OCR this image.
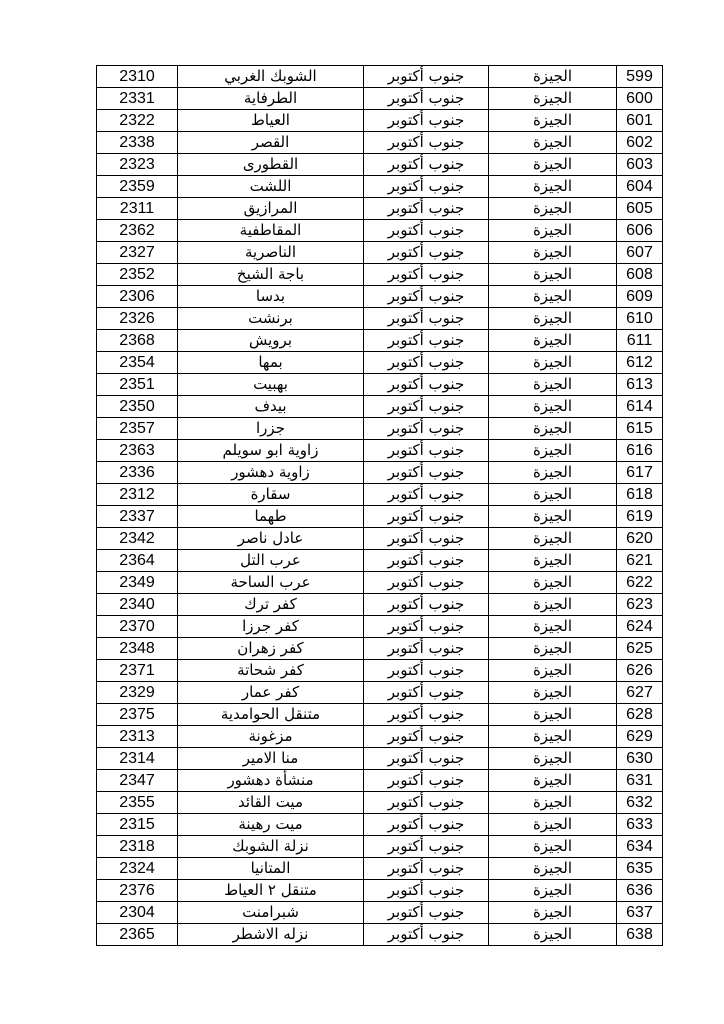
599	الجيزة	جنوب أكتوبر	الشوبك الغربي	2310
600	الجيزة	جنوب أكتوبر	الطرفاية	2331
601	الجيزة	جنوب أكتوبر	العياط	2322
602	الجيزة	جنوب أكتوبر	القصر	2338
603	الجيزة	جنوب أكتوبر	القطورى	2323
604	الجيزة	جنوب أكتوبر	اللشت	2359
605	الجيزة	جنوب أكتوبر	المرازيق	2311
606	الجيزة	جنوب أكتوبر	المقاطفية	2362
607	الجيزة	جنوب أكتوبر	الناصرية	2327
608	الجيزة	جنوب أكتوبر	باجة الشيخ	2352
609	الجيزة	جنوب أكتوبر	بدسا	2306
610	الجيزة	جنوب أكتوبر	برنشت	2326
611	الجيزة	جنوب أكتوبر	برويش	2368
612	الجيزة	جنوب أكتوبر	بمها	2354
613	الجيزة	جنوب أكتوبر	بهبيت	2351
614	الجيزة	جنوب أكتوبر	بيدف	2350
615	الجيزة	جنوب أكتوبر	جزرا	2357
616	الجيزة	جنوب أكتوبر	زاوية ابو سويلم	2363
617	الجيزة	جنوب أكتوبر	زاوية دهشور	2336
618	الجيزة	جنوب أكتوبر	سقارة	2312
619	الجيزة	جنوب أكتوبر	طهما	2337
620	الجيزة	جنوب أكتوبر	عادل ناصر	2342
621	الجيزة	جنوب أكتوبر	عرب التل	2364
622	الجيزة	جنوب أكتوبر	عرب الساحة	2349
623	الجيزة	جنوب أكتوبر	كفر ترك	2340
624	الجيزة	جنوب أكتوبر	كفر جرزا	2370
625	الجيزة	جنوب أكتوبر	كفر زهران	2348
626	الجيزة	جنوب أكتوبر	كفر شحاتة	2371
627	الجيزة	جنوب أكتوبر	كفر عمار	2329
628	الجيزة	جنوب أكتوبر	متنقل الحوامدية	2375
629	الجيزة	جنوب أكتوبر	مزغونة	2313
630	الجيزة	جنوب أكتوبر	منا الامير	2314
631	الجيزة	جنوب أكتوبر	منشأة دهشور	2347
632	الجيزة	جنوب أكتوبر	ميت القائد	2355
633	الجيزة	جنوب أكتوبر	ميت رهينة	2315
634	الجيزة	جنوب أكتوبر	نزلة الشوبك	2318
635	الجيزة	جنوب أكتوبر	المتانيا	2324
636	الجيزة	جنوب أكتوبر	متنقل ٢ العياط	2376
637	الجيزة	جنوب أكتوبر	شبرامنت	2304
638	الجيزة	جنوب أكتوبر	نزله الاشطر	2365
